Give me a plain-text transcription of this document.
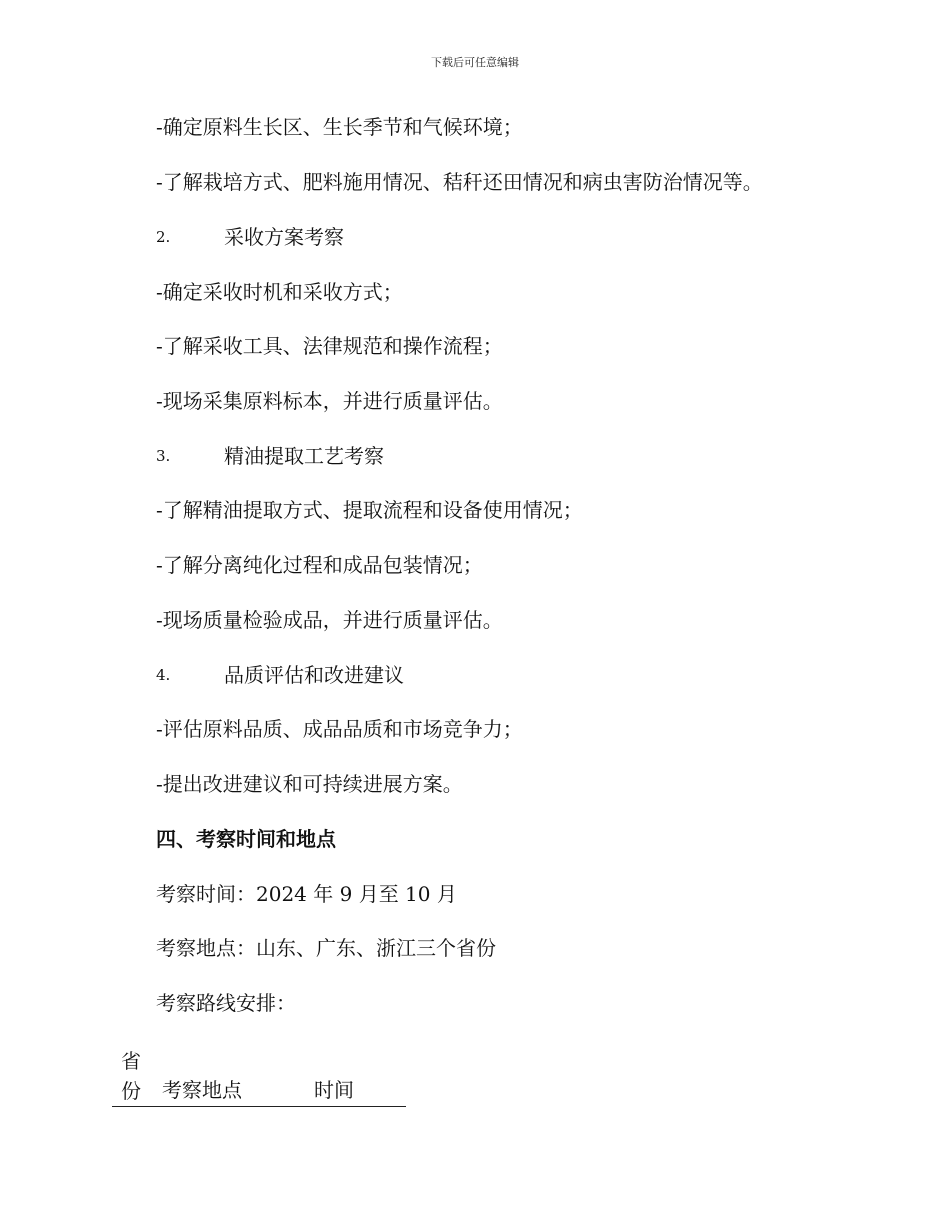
下载后可任意编辑
-确定原料生长区、生长季节和气候环境；
-了解栽培方式、肥料施用情况、秸秆还田情况和病虫害防治情况等。
2.	采收方案考察
-确定采收时机和采收方式；
-了解采收工具、法律规范和操作流程；
-现场采集原料标本，并进行质量评估。
3.	精油提取工艺考察
-了解精油提取方式、提取流程和设备使用情况；
-了解分离纯化过程和成品包装情况；
-现场质量检验成品，并进行质量评估。
4.	品质评估和改进建议
-评估原料品质、成品品质和市场竞争力；
-提出改进建议和可持续进展方案。
四、考察时间和地点
考察时间：2024 年 9 月至 10 月
考察地点：山东、广东、浙江三个省份
考察路线安排：
省份 考察地点	时间
